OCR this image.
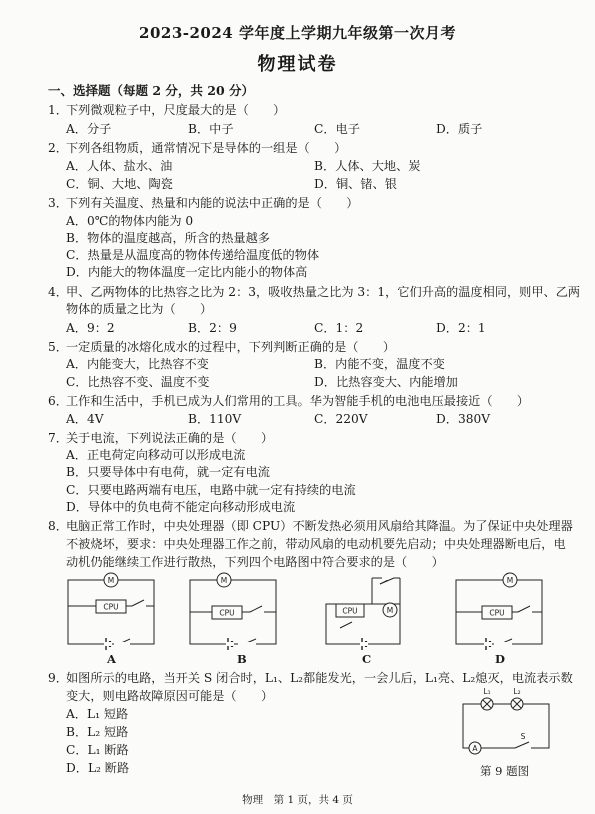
2023-2024 学年度上学期九年级第一次月考
物理试卷
一、选择题（每题 2 分，共 20 分）
1．下列微观粒子中，尺度最大的是（　　）
A．分子	B．中子	C．电子	D．质子
2．下列各组物质，通常情况下是导体的一组是（　　）
A．人体、盐水、油	B．人体、大地、炭
C．铜、大地、陶瓷	D．铜、锗、银
3．下列有关温度、热量和内能的说法中正确的是（　　）
A．0℃的物体内能为 0
B．物体的温度越高，所含的热量越多
C．热量是从温度高的物体传递给温度低的物体
D．内能大的物体温度一定比内能小的物体高
4．甲、乙两物体的比热容之比为 2：3，吸收热量之比为 3：1，它们升高的温度相同，则甲、乙两
物体的质量之比为（　　）
A．9：2	B．2：9	C．1：2	D．2：1
5．一定质量的冰熔化成水的过程中，下列判断正确的是（　　）
A．内能变大，比热容不变	B．内能不变，温度不变
C．比热容不变、温度不变	D．比热容变大、内能增加
6．工作和生活中，手机已成为人们常用的工具。华为智能手机的电池电压最接近（　　）
A．4V	B．110V	C．220V	D．380V
7．关于电流，下列说法正确的是（　　）
A．正电荷定向移动可以形成电流
B．只要导体中有电荷，就一定有电流
C．只要电路两端有电压，电路中就一定有持续的电流
D．导体中的负电荷不能定向移动形成电流
8．电脑正常工作时，中央处理器（即 CPU）不断发热必须用风扇给其降温。为了保证中央处理器
不被烧坏，要求：中央处理器工作之前，带动风扇的电动机要先启动；中央处理器断电后，电
动机仍能继续工作进行散热，下列四个电路图中符合要求的是（　　）
M
CPU
M
CPU	CPU	M
M
CPU
A	B	C	D
9．如图所示的电路，当开关 S 闭合时，L₁、L₂都能发光，一会儿后，L₁亮、L₂熄灭，电流表示数
变大，则电路故障原因可能是（　　）
A．L₁ 短路
B．L₂ 短路
C．L₁ 断路
D．L₂ 断路
L₁	L₂
A
S
第 9 题图
物理　第 1 页，共 4 页
